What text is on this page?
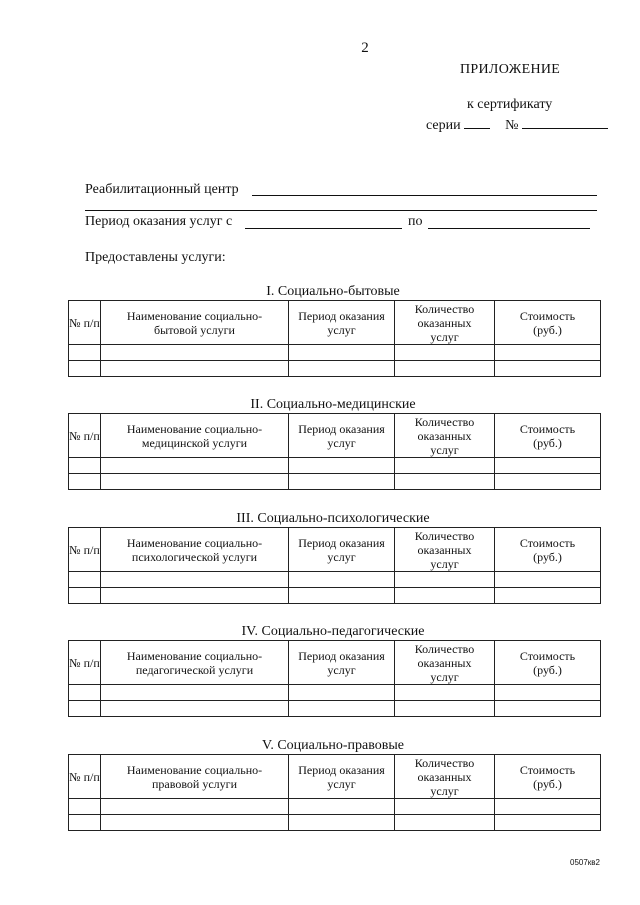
2
ПРИЛОЖЕНИЕ
к сертификату
серии	№
Реабилитационный центр
Период оказания услуг с	по
Предоставлены услуги:
I. Социально-бытовые
№ п/п	Наименование социально-бытовой услуги	Период оказания услуг	Количество оказанных услуг	Стоимость (руб.)

II. Социально-медицинские
№ п/п	Наименование социально-медицинской услуги	Период оказания услуг	Количество оказанных услуг	Стоимость (руб.)

III. Социально-психологические
№ п/п	Наименование социально-психологической услуги	Период оказания услуг	Количество оказанных услуг	Стоимость (руб.)

IV. Социально-педагогические
№ п/п	Наименование социально-педагогической услуги	Период оказания услуг	Количество оказанных услуг	Стоимость (руб.)

V. Социально-правовые
№ п/п	Наименование социально-правовой услуги	Период оказания услуг	Количество оказанных услуг	Стоимость (руб.)

0507кв2
